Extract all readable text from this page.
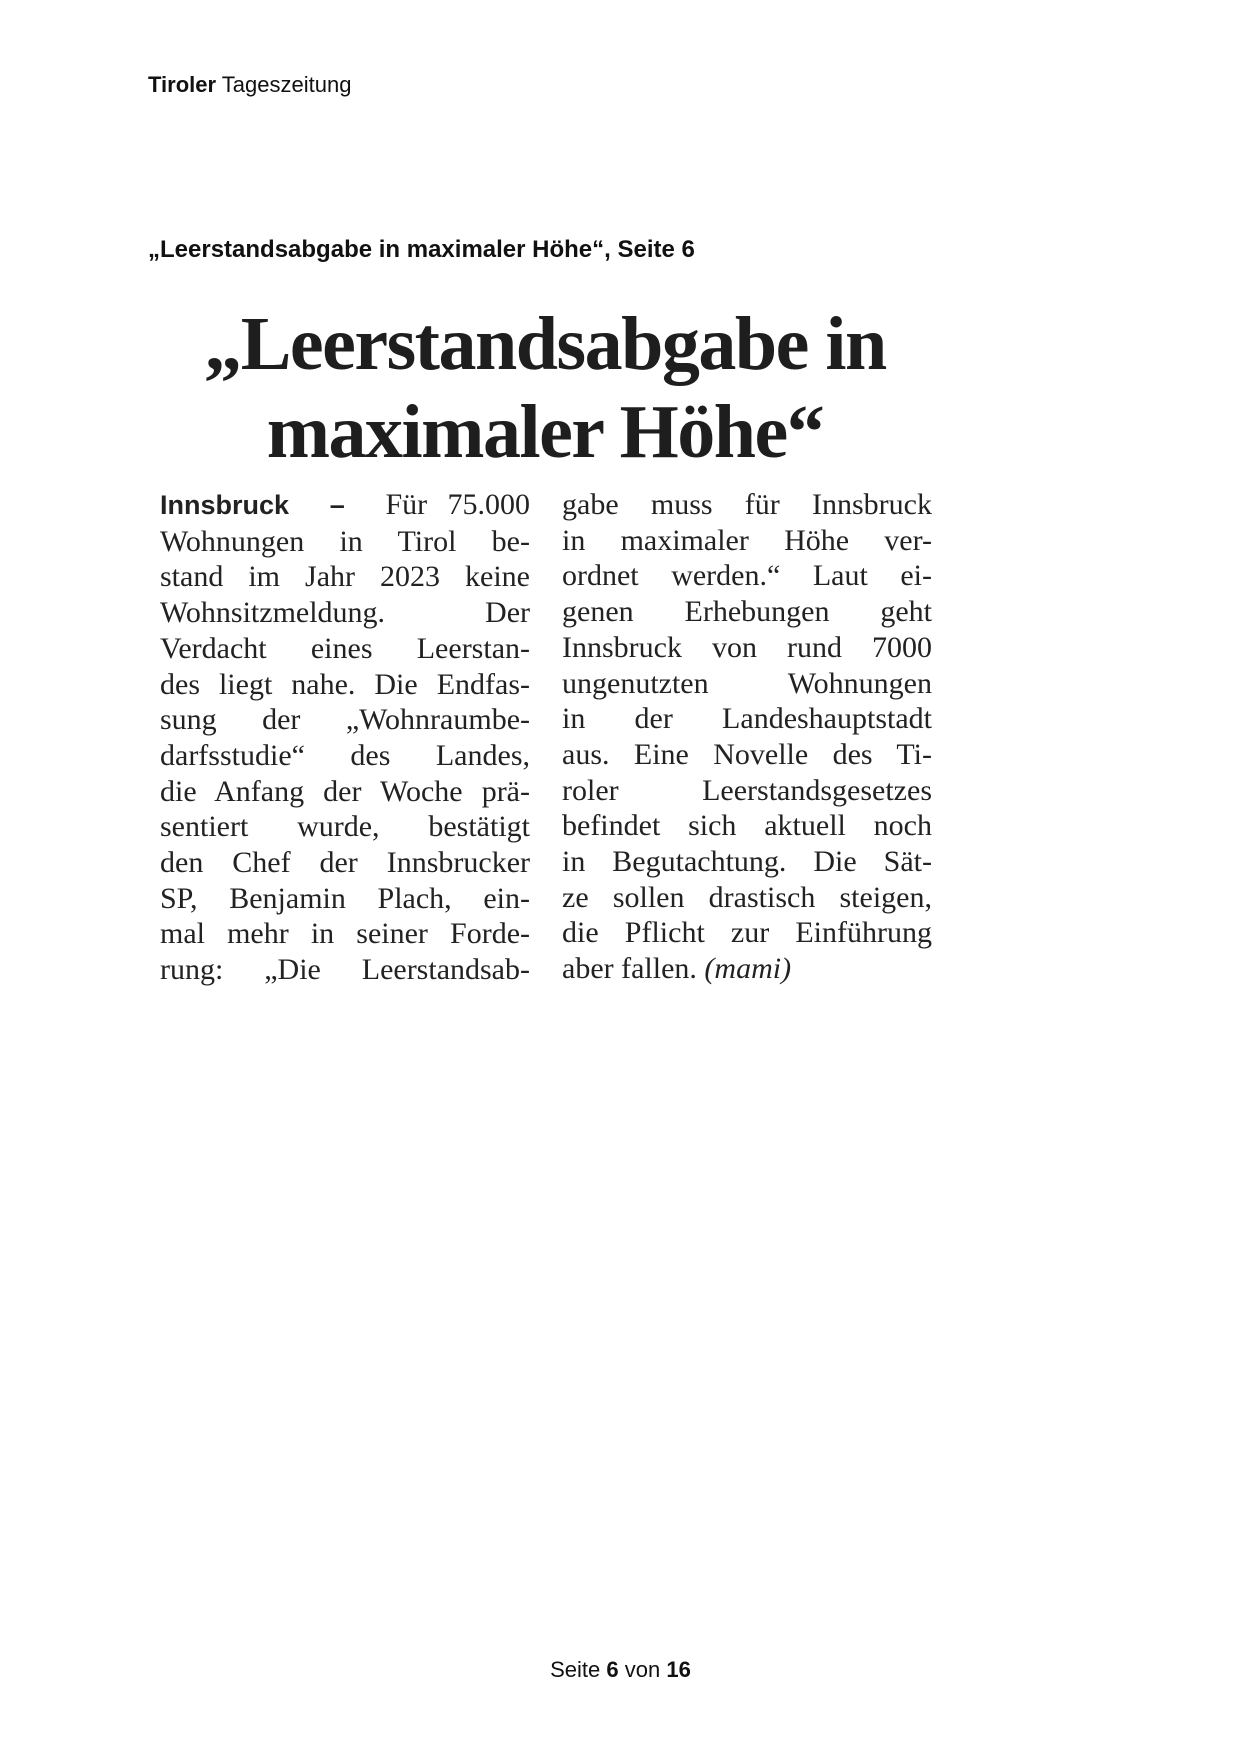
Tiroler Tageszeitung
„Leerstandsabgabe in maximaler Höhe“, Seite 6
„Leerstandsabgabe in
maximaler Höhe“
Innsbruck – Für 75.000
Wohnungen in Tirol be-
stand im Jahr 2023 keine
Wohnsitzmeldung. Der
Verdacht eines Leerstan-
des liegt nahe. Die Endfas-
sung der „Wohnraumbe-
darfsstudie“ des Landes,
die Anfang der Woche prä-
sentiert wurde, bestätigt
den Chef der Innsbrucker
SP, Benjamin Plach, ein-
mal mehr in seiner Forde-
rung: „Die Leerstandsab-
gabe muss für Innsbruck
in maximaler Höhe ver-
ordnet werden.“ Laut ei-
genen Erhebungen geht
Innsbruck von rund 7000
ungenutzten Wohnungen
in der Landeshauptstadt
aus. Eine Novelle des Ti-
roler Leerstandsgesetzes
befindet sich aktuell noch
in Begutachtung. Die Sät-
ze sollen drastisch steigen,
die Pflicht zur Einführung
aber fallen. (mami)
Seite 6 von 16
